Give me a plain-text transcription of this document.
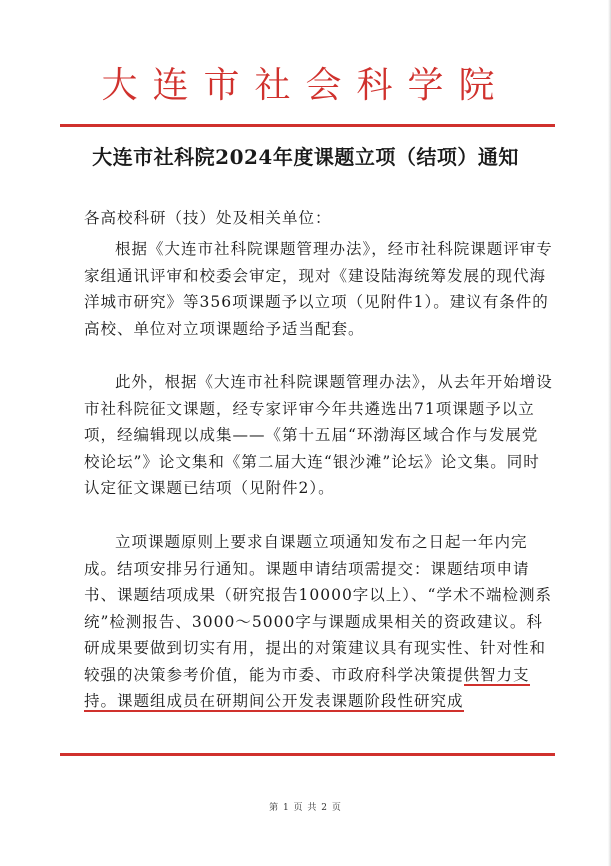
大连市社会科学院
大连市社科院2024年度课题立项（结项）通知

各高校科研（技）处及相关单位：

根据《大连市社科院课题管理办法》，经市社科院课题评审专家组通讯评审和校委会审定，现对《建设陆海统筹发展的现代海洋城市研究》等356项课题予以立项（见附件1）。建议有条件的高校、单位对立项课题给予适当配套。

此外，根据《大连市社科院课题管理办法》，从去年开始增设市社科院征文课题，经专家评审今年共遴选出71项课题予以立项，经编辑现以成集——《第十五届“环渤海区域合作与发展党校论坛”》论文集和《第二届大连“银沙滩”论坛》论文集。同时认定征文课题已结项（见附件2）。

立项课题原则上要求自课题立项通知发布之日起一年内完成。结项安排另行通知。课题申请结项需提交：课题结项申请书、课题结项成果（研究报告10000字以上）、“学术不端检测系统”检测报告、3000～5000字与课题成果相关的资政建议。科研成果要做到切实有用，提出的对策建议具有现实性、针对性和较强的决策参考价值，能为市委、市政府科学决策提供智力支持。课题组成员在研期间公开发表课题阶段性研究成

第 1 页 共 2 页
